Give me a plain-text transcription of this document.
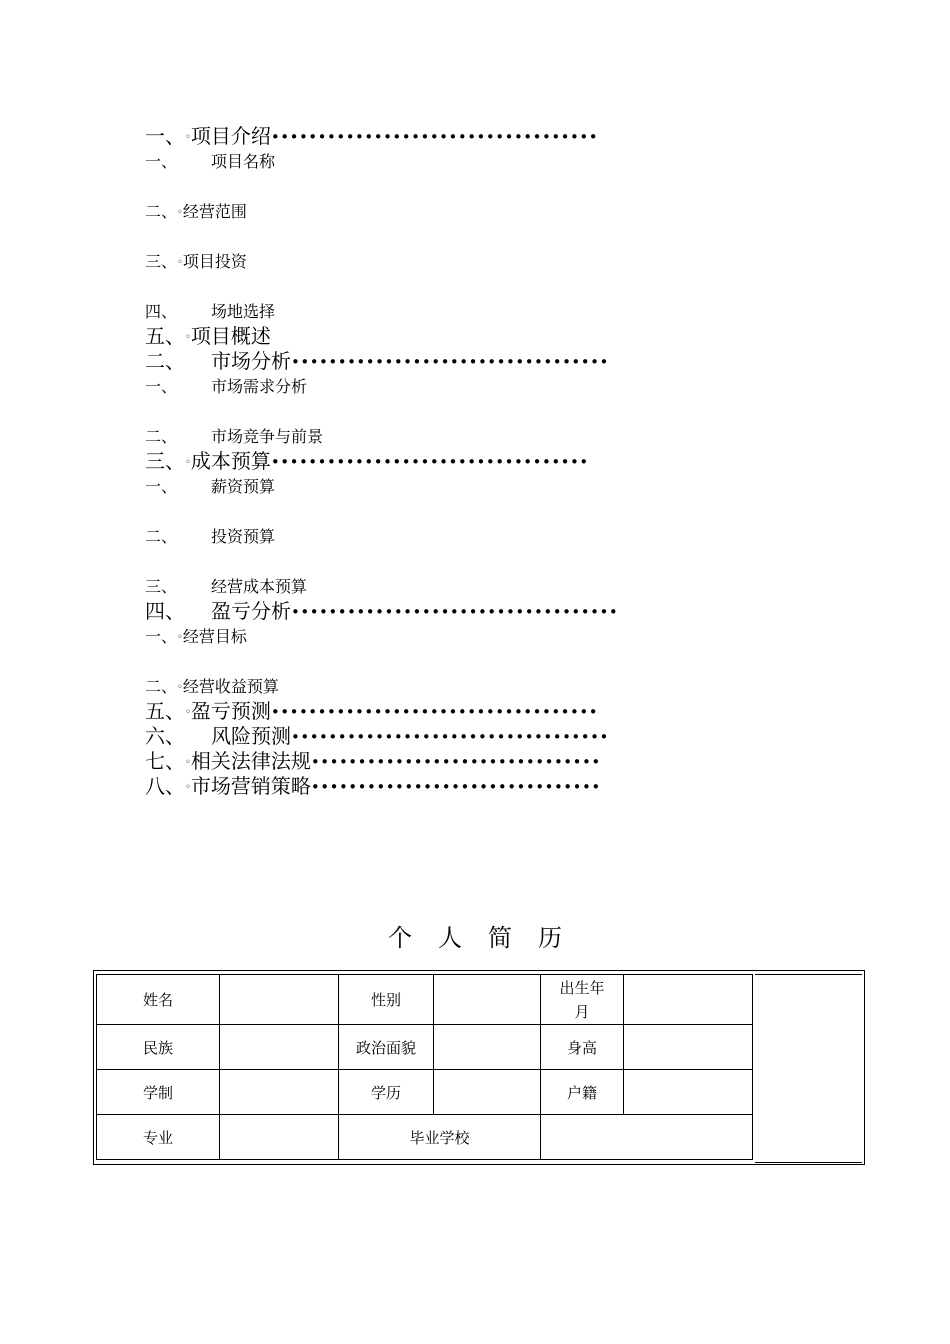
一、◦项目介绍•••••••••••••••••••••••••••••••••••
一、 项目名称
二、◦经营范围
三、◦项目投资
四、 场地选择
五、◦项目概述
二、 市场分析••••••••••••••••••••••••••••••••••
一、 市场需求分析
二、 市场竞争与前景
三、◦成本预算••••••••••••••••••••••••••••••••••
一、 薪资预算
二、 投资预算
三、 经营成本预算
四、 盈亏分析•••••••••••••••••••••••••••••••••••
一、◦经营目标
二、◦经营收益预算
五、◦盈亏预测•••••••••••••••••••••••••••••••••••
六、 风险预测••••••••••••••••••••••••••••••••••
七、◦相关法律法规•••••••••••••••••••••••••••••••
八、◦市场营销策略•••••••••••••••••••••••••••••••
个人简历
姓名		性别		出生年月	

民族		政治面貌		身高	
学制		学历		户籍	
专业		毕业学校			
